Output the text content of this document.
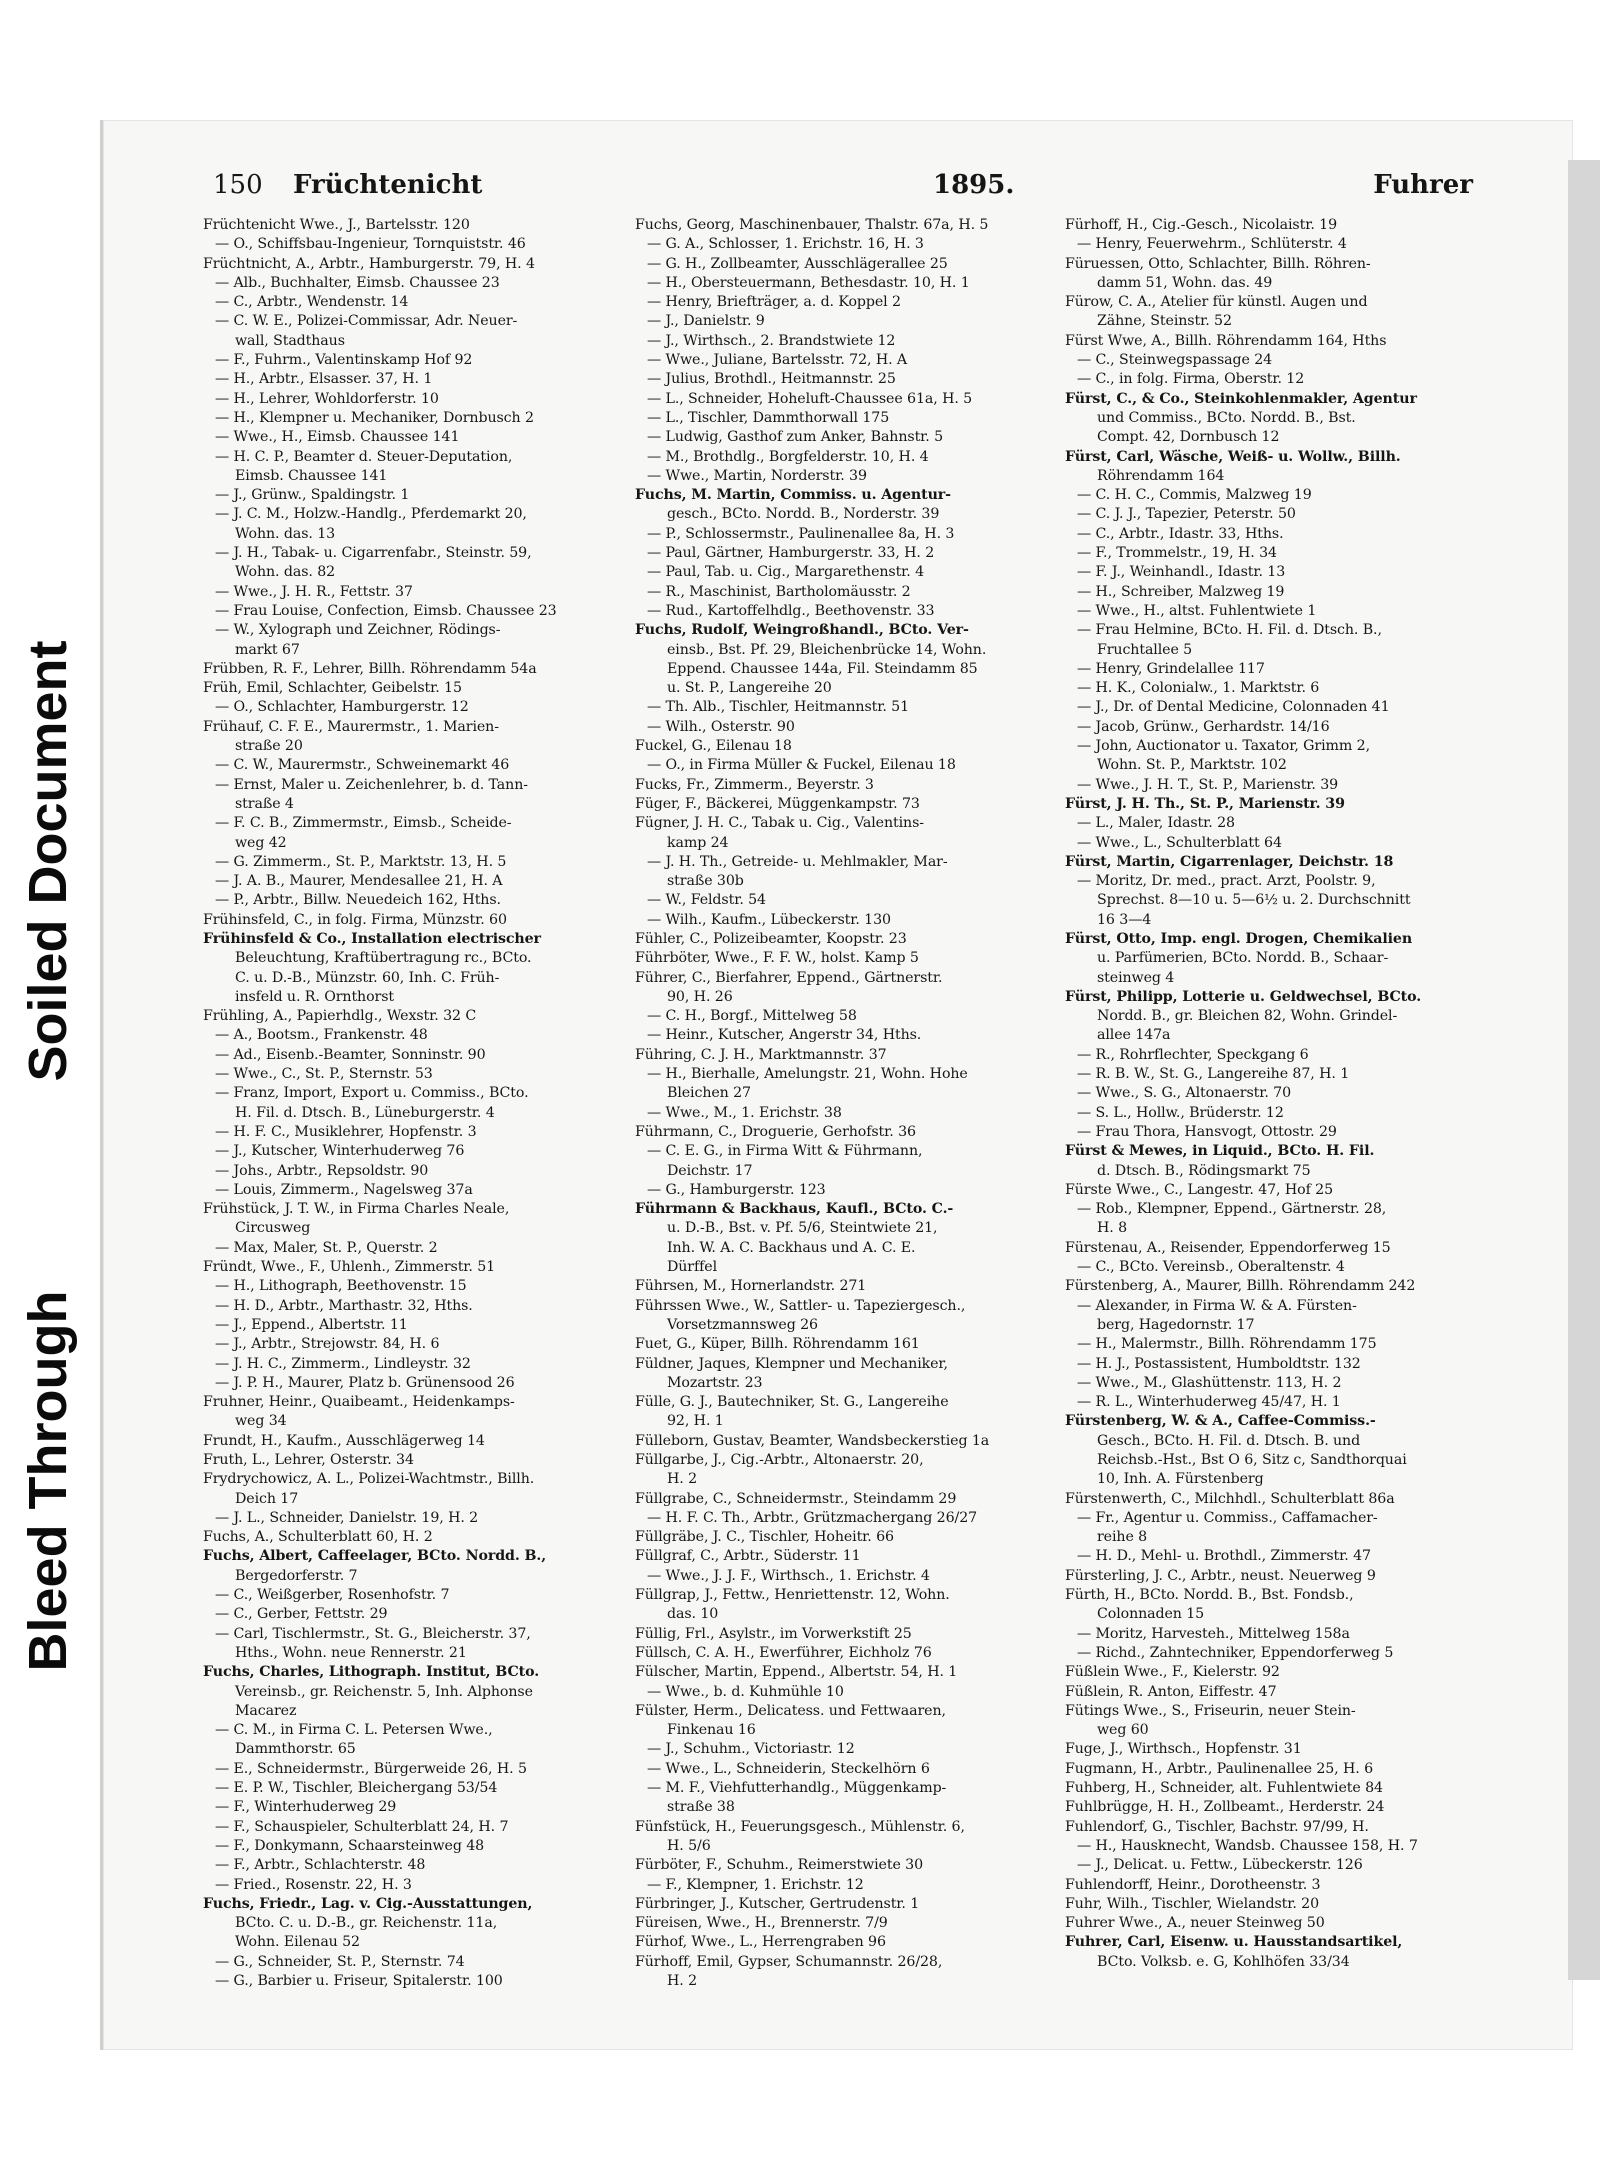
Bleed Through
Soiled Document
150 Früchtenicht	1895.	Fuhrer
Früchtenicht Wwe., J., Bartelsstr. 120
— O., Schiffsbau-Ingenieur, Tornquiststr. 46
Früchtnicht, A., Arbtr., Hamburgerstr. 79, H. 4
— Alb., Buchhalter, Eimsb. Chaussee 23
— C., Arbtr., Wendenstr. 14
— C. W. E., Polizei-Commissar, Adr. Neuer-
wall, Stadthaus
— F., Fuhrm., Valentinskamp Hof 92
— H., Arbtr., Elsasser. 37, H. 1
— H., Lehrer, Wohldorferstr. 10
— H., Klempner u. Mechaniker, Dornbusch 2
— Wwe., H., Eimsb. Chaussee 141
— H. C. P., Beamter d. Steuer-Deputation,
Eimsb. Chaussee 141
— J., Grünw., Spaldingstr. 1
— J. C. M., Holzw.-Handlg., Pferdemarkt 20,
Wohn. das. 13
— J. H., Tabak- u. Cigarrenfabr., Steinstr. 59,
Wohn. das. 82
— Wwe., J. H. R., Fettstr. 37
— Frau Louise, Confection, Eimsb. Chaussee 23
— W., Xylograph und Zeichner, Rödings-
markt 67
Frübben, R. F., Lehrer, Billh. Röhrendamm 54a
Früh, Emil, Schlachter, Geibelstr. 15
— O., Schlachter, Hamburgerstr. 12
Frühauf, C. F. E., Maurermstr., 1. Marien-
straße 20
— C. W., Maurermstr., Schweinemarkt 46
— Ernst, Maler u. Zeichenlehrer, b. d. Tann-
straße 4
— F. C. B., Zimmermstr., Eimsb., Scheide-
weg 42
— G. Zimmerm., St. P., Marktstr. 13, H. 5
— J. A. B., Maurer, Mendesallee 21, H. A
— P., Arbtr., Billw. Neuedeich 162, Hths.
Frühinsfeld, C., in folg. Firma, Münzstr. 60
Frühinsfeld & Co., Installation electrischer
Beleuchtung, Kraftübertragung rc., BCto.
C. u. D.-B., Münzstr. 60, Inh. C. Früh-
insfeld u. R. Ornthorst
Frühling, A., Papierhdlg., Wexstr. 32 C
— A., Bootsm., Frankenstr. 48
— Ad., Eisenb.-Beamter, Sonninstr. 90
— Wwe., C., St. P., Sternstr. 53
— Franz, Import, Export u. Commiss., BCto.
H. Fil. d. Dtsch. B., Lüneburgerstr. 4
— H. F. C., Musiklehrer, Hopfenstr. 3
— J., Kutscher, Winterhuderweg 76
— Johs., Arbtr., Repsoldstr. 90
— Louis, Zimmerm., Nagelsweg 37a
Frühstück, J. T. W., in Firma Charles Neale,
Circusweg
— Max, Maler, St. P., Querstr. 2
Fründt, Wwe., F., Uhlenh., Zimmerstr. 51
— H., Lithograph, Beethovenstr. 15
— H. D., Arbtr., Marthastr. 32, Hths.
— J., Eppend., Albertstr. 11
— J., Arbtr., Strejowstr. 84, H. 6
— J. H. C., Zimmerm., Lindleystr. 32
— J. P. H., Maurer, Platz b. Grünensood 26
Fruhner, Heinr., Quaibeamt., Heidenkamps-
weg 34
Frundt, H., Kaufm., Ausschlägerweg 14
Fruth, L., Lehrer, Osterstr. 34
Frydrychowicz, A. L., Polizei-Wachtmstr., Billh.
Deich 17
— J. L., Schneider, Danielstr. 19, H. 2
Fuchs, A., Schulterblatt 60, H. 2
Fuchs, Albert, Caffeelager, BCto. Nordd. B.,
Bergedorferstr. 7
— C., Weißgerber, Rosenhofstr. 7
— C., Gerber, Fettstr. 29
— Carl, Tischlermstr., St. G., Bleicherstr. 37,
Hths., Wohn. neue Rennerstr. 21
Fuchs, Charles, Lithograph. Institut, BCto.
Vereinsb., gr. Reichenstr. 5, Inh. Alphonse
Macarez
— C. M., in Firma C. L. Petersen Wwe.,
Dammthorstr. 65
— E., Schneidermstr., Bürgerweide 26, H. 5
— E. P. W., Tischler, Bleichergang 53/54
— F., Winterhuderweg 29
— F., Schauspieler, Schulterblatt 24, H. 7
— F., Donkymann, Schaarsteinweg 48
— F., Arbtr., Schlachterstr. 48
— Fried., Rosenstr. 22, H. 3
Fuchs, Friedr., Lag. v. Cig.-Ausstattungen,
BCto. C. u. D.-B., gr. Reichenstr. 11a,
Wohn. Eilenau 52
— G., Schneider, St. P., Sternstr. 74
— G., Barbier u. Friseur, Spitalerstr. 100
Fuchs, Georg, Maschinenbauer, Thalstr. 67a, H. 5
— G. A., Schlosser, 1. Erichstr. 16, H. 3
— G. H., Zollbeamter, Ausschlägerallee 25
— H., Obersteuermann, Bethesdastr. 10, H. 1
— Henry, Briefträger, a. d. Koppel 2
— J., Danielstr. 9
— J., Wirthsch., 2. Brandstwiete 12
— Wwe., Juliane, Bartelsstr. 72, H. A
— Julius, Brothdl., Heitmannstr. 25
— L., Schneider, Hoheluft-Chaussee 61a, H. 5
— L., Tischler, Dammthorwall 175
— Ludwig, Gasthof zum Anker, Bahnstr. 5
— M., Brothdlg., Borgfelderstr. 10, H. 4
— Wwe., Martin, Norderstr. 39
Fuchs, M. Martin, Commiss. u. Agentur-
gesch., BCto. Nordd. B., Norderstr. 39
— P., Schlossermstr., Paulinenallee 8a, H. 3
— Paul, Gärtner, Hamburgerstr. 33, H. 2
— Paul, Tab. u. Cig., Margarethenstr. 4
— R., Maschinist, Bartholomäusstr. 2
— Rud., Kartoffelhdlg., Beethovenstr. 33
Fuchs, Rudolf, Weingroßhandl., BCto. Ver-
einsb., Bst. Pf. 29, Bleichenbrücke 14, Wohn.
Eppend. Chaussee 144a, Fil. Steindamm 85
u. St. P., Langereihe 20
— Th. Alb., Tischler, Heitmannstr. 51
— Wilh., Osterstr. 90
Fuckel, G., Eilenau 18
— O., in Firma Müller & Fuckel, Eilenau 18
Fucks, Fr., Zimmerm., Beyerstr. 3
Füger, F., Bäckerei, Müggenkampstr. 73
Fügner, J. H. C., Tabak u. Cig., Valentins-
kamp 24
— J. H. Th., Getreide- u. Mehlmakler, Mar-
straße 30b
— W., Feldstr. 54
— Wilh., Kaufm., Lübeckerstr. 130
Fühler, C., Polizeibeamter, Koopstr. 23
Führböter, Wwe., F. F. W., holst. Kamp 5
Führer, C., Bierfahrer, Eppend., Gärtnerstr.
90, H. 26
— C. H., Borgf., Mittelweg 58
— Heinr., Kutscher, Angerstr 34, Hths.
Führing, C. J. H., Marktmannstr. 37
— H., Bierhalle, Amelungstr. 21, Wohn. Hohe
Bleichen 27
— Wwe., M., 1. Erichstr. 38
Führmann, C., Droguerie, Gerhofstr. 36
— C. E. G., in Firma Witt & Führmann,
Deichstr. 17
— G., Hamburgerstr. 123
Führmann & Backhaus, Kaufl., BCto. C.-
u. D.-B., Bst. v. Pf. 5/6, Steintwiete 21,
Inh. W. A. C. Backhaus und A. C. E.
Dürffel
Führsen, M., Hornerlandstr. 271
Führssen Wwe., W., Sattler- u. Tapeziergesch.,
Vorsetzmannsweg 26
Fuet, G., Küper, Billh. Röhrendamm 161
Füldner, Jaques, Klempner und Mechaniker,
Mozartstr. 23
Fülle, G. J., Bautechniker, St. G., Langereihe
92, H. 1
Fülleborn, Gustav, Beamter, Wandsbeckerstieg 1a
Füllgarbe, J., Cig.-Arbtr., Altonaerstr. 20,
H. 2
Füllgrabe, C., Schneidermstr., Steindamm 29
— H. F. C. Th., Arbtr., Grützmachergang 26/27
Füllgräbe, J. C., Tischler, Hoheitr. 66
Füllgraf, C., Arbtr., Süderstr. 11
— Wwe., J. J. F., Wirthsch., 1. Erichstr. 4
Füllgrap, J., Fettw., Henriettenstr. 12, Wohn.
das. 10
Füllig, Frl., Asylstr., im Vorwerkstift 25
Füllsch, C. A. H., Ewerführer, Eichholz 76
Fülscher, Martin, Eppend., Albertstr. 54, H. 1
— Wwe., b. d. Kuhmühle 10
Fülster, Herm., Delicatess. und Fettwaaren,
Finkenau 16
— J., Schuhm., Victoriastr. 12
— Wwe., L., Schneiderin, Steckelhörn 6
— M. F., Viehfutterhandlg., Müggenkamp-
straße 38
Fünfstück, H., Feuerungsgesch., Mühlenstr. 6,
H. 5/6
Fürböter, F., Schuhm., Reimerstwiete 30
— F., Klempner, 1. Erichstr. 12
Fürbringer, J., Kutscher, Gertrudenstr. 1
Füreisen, Wwe., H., Brennerstr. 7/9
Fürhof, Wwe., L., Herrengraben 96
Fürhoff, Emil, Gypser, Schumannstr. 26/28,
H. 2
Fürhoff, H., Cig.-Gesch., Nicolaistr. 19
— Henry, Feuerwehrm., Schlüterstr. 4
Füruessen, Otto, Schlachter, Billh. Röhren-
damm 51, Wohn. das. 49
Fürow, C. A., Atelier für künstl. Augen und
Zähne, Steinstr. 52
Fürst Wwe, A., Billh. Röhrendamm 164, Hths
— C., Steinwegspassage 24
— C., in folg. Firma, Oberstr. 12
Fürst, C., & Co., Steinkohlenmakler, Agentur
und Commiss., BCto. Nordd. B., Bst.
Compt. 42, Dornbusch 12
Fürst, Carl, Wäsche, Weiß- u. Wollw., Billh.
Röhrendamm 164
— C. H. C., Commis, Malzweg 19
— C. J. J., Tapezier, Peterstr. 50
— C., Arbtr., Idastr. 33, Hths.
— F., Trommelstr., 19, H. 34
— F. J., Weinhandl., Idastr. 13
— H., Schreiber, Malzweg 19
— Wwe., H., altst. Fuhlentwiete 1
— Frau Helmine, BCto. H. Fil. d. Dtsch. B.,
Fruchtallee 5
— Henry, Grindelallee 117
— H. K., Colonialw., 1. Marktstr. 6
— J., Dr. of Dental Medicine, Colonnaden 41
— Jacob, Grünw., Gerhardstr. 14/16
— John, Auctionator u. Taxator, Grimm 2,
Wohn. St. P., Marktstr. 102
— Wwe., J. H. T., St. P., Marienstr. 39
Fürst, J. H. Th., St. P., Marienstr. 39
— L., Maler, Idastr. 28
— Wwe., L., Schulterblatt 64
Fürst, Martin, Cigarrenlager, Deichstr. 18
— Moritz, Dr. med., pract. Arzt, Poolstr. 9,
Sprechst. 8—10 u. 5—6½ u. 2. Durchschnitt
16 3—4
Fürst, Otto, Imp. engl. Drogen, Chemikalien
u. Parfümerien, BCto. Nordd. B., Schaar-
steinweg 4
Fürst, Philipp, Lotterie u. Geldwechsel, BCto.
Nordd. B., gr. Bleichen 82, Wohn. Grindel-
allee 147a
— R., Rohrflechter, Speckgang 6
— R. B. W., St. G., Langereihe 87, H. 1
— Wwe., S. G., Altonaerstr. 70
— S. L., Hollw., Brüderstr. 12
— Frau Thora, Hansvogt, Ottostr. 29
Fürst & Mewes, in Liquid., BCto. H. Fil.
d. Dtsch. B., Rödingsmarkt 75
Fürste Wwe., C., Langestr. 47, Hof 25
— Rob., Klempner, Eppend., Gärtnerstr. 28,
H. 8
Fürstenau, A., Reisender, Eppendorferweg 15
— C., BCto. Vereinsb., Oberaltenstr. 4
Fürstenberg, A., Maurer, Billh. Röhrendamm 242
— Alexander, in Firma W. & A. Fürsten-
berg, Hagedornstr. 17
— H., Malermstr., Billh. Röhrendamm 175
— H. J., Postassistent, Humboldtstr. 132
— Wwe., M., Glashüttenstr. 113, H. 2
— R. L., Winterhuderweg 45/47, H. 1
Fürstenberg, W. & A., Caffee-Commiss.-
Gesch., BCto. H. Fil. d. Dtsch. B. und
Reichsb.-Hst., Bst O 6, Sitz c, Sandthorquai
10, Inh. A. Fürstenberg
Fürstenwerth, C., Milchhdl., Schulterblatt 86a
— Fr., Agentur u. Commiss., Caffamacher-
reihe 8
— H. D., Mehl- u. Brothdl., Zimmerstr. 47
Fürsterling, J. C., Arbtr., neust. Neuerweg 9
Fürth, H., BCto. Nordd. B., Bst. Fondsb.,
Colonnaden 15
— Moritz, Harvesteh., Mittelweg 158a
— Richd., Zahntechniker, Eppendorferweg 5
Füßlein Wwe., F., Kielerstr. 92
Füßlein, R. Anton, Eiffestr. 47
Fütings Wwe., S., Friseurin, neuer Stein-
weg 60
Fuge, J., Wirthsch., Hopfenstr. 31
Fugmann, H., Arbtr., Paulinenallee 25, H. 6
Fuhberg, H., Schneider, alt. Fuhlentwiete 84
Fuhlbrügge, H. H., Zollbeamt., Herderstr. 24
Fuhlendorf, G., Tischler, Bachstr. 97/99, H.
— H., Hausknecht, Wandsb. Chaussee 158, H. 7
— J., Delicat. u. Fettw., Lübeckerstr. 126
Fuhlendorff, Heinr., Dorotheenstr. 3
Fuhr, Wilh., Tischler, Wielandstr. 20
Fuhrer Wwe., A., neuer Steinweg 50
Fuhrer, Carl, Eisenw. u. Hausstandsartikel,
BCto. Volksb. e. G, Kohlhöfen 33/34
